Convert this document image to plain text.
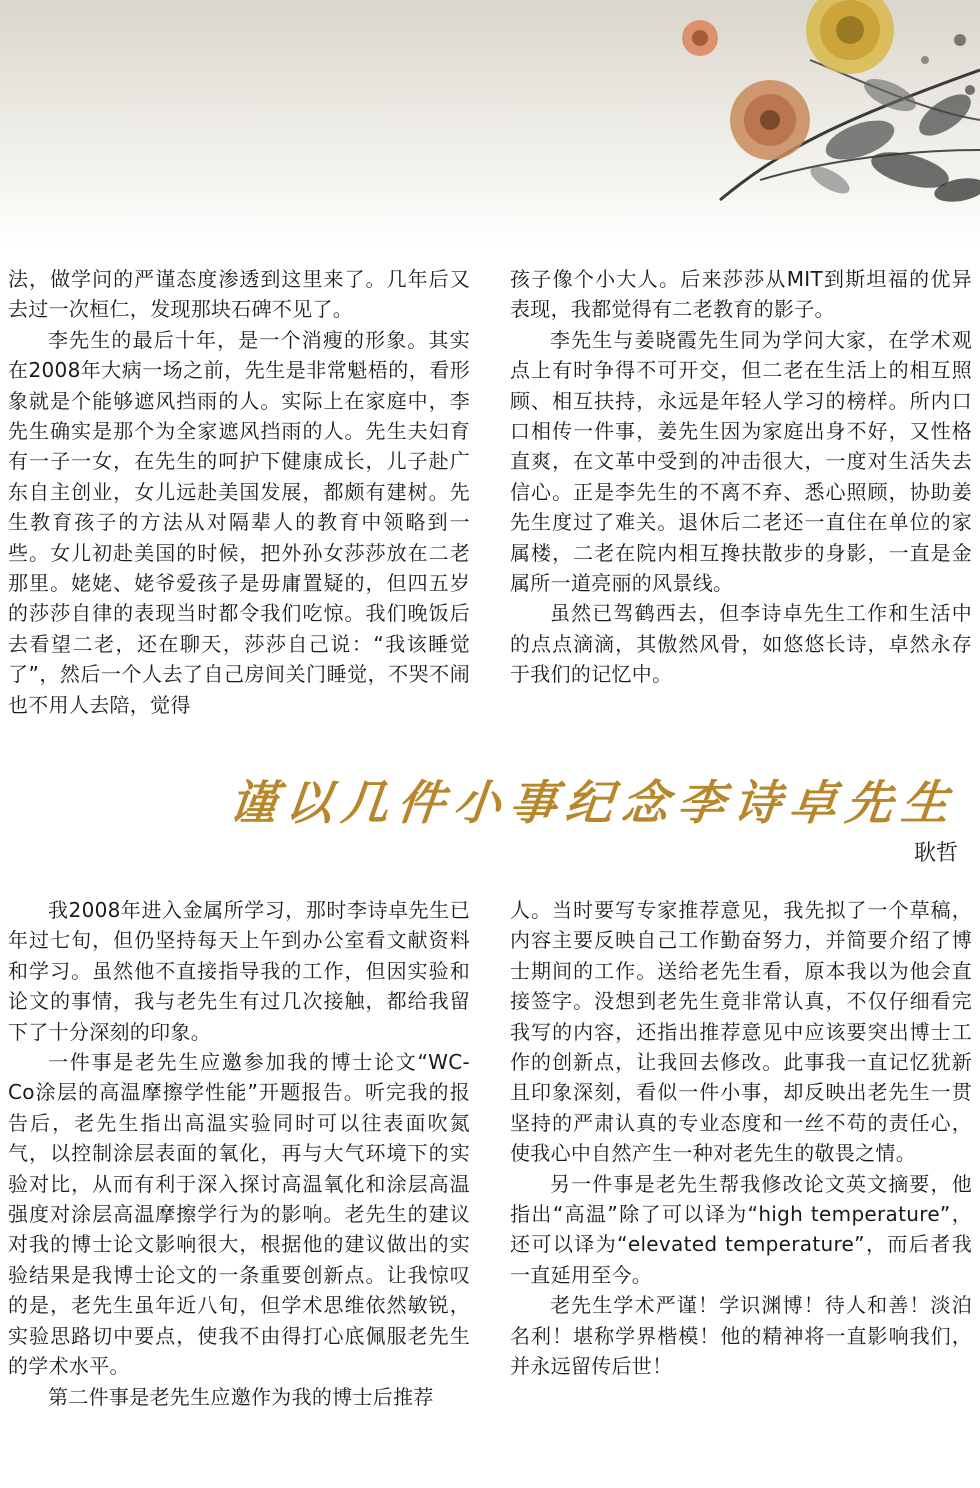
法，做学问的严谨态度渗透到这里来了。几年后又去过一次桓仁，发现那块石碑不见了。

李先生的最后十年，是一个消瘦的形象。其实在2008年大病一场之前，先生是非常魁梧的，看形象就是个能够遮风挡雨的人。实际上在家庭中，李先生确实是那个为全家遮风挡雨的人。先生夫妇育有一子一女，在先生的呵护下健康成长，儿子赴广东自主创业，女儿远赴美国发展，都颇有建树。先生教育孩子的方法从对隔辈人的教育中领略到一些。女儿初赴美国的时候，把外孙女莎莎放在二老那里。姥姥、姥爷爱孩子是毋庸置疑的，但四五岁的莎莎自律的表现当时都令我们吃惊。我们晚饭后去看望二老，还在聊天，莎莎自己说：“我该睡觉了”，然后一个人去了自己房间关门睡觉，不哭不闹也不用人去陪，觉得

孩子像个小大人。后来莎莎从MIT到斯坦福的优异表现，我都觉得有二老教育的影子。

李先生与姜晓霞先生同为学问大家，在学术观点上有时争得不可开交，但二老在生活上的相互照顾、相互扶持，永远是年轻人学习的榜样。所内口口相传一件事，姜先生因为家庭出身不好，又性格直爽，在文革中受到的冲击很大，一度对生活失去信心。正是李先生的不离不弃、悉心照顾，协助姜先生度过了难关。退休后二老还一直住在单位的家属楼，二老在院内相互搀扶散步的身影，一直是金属所一道亮丽的风景线。

虽然已驾鹤西去，但李诗卓先生工作和生活中的点点滴滴，其傲然风骨，如悠悠长诗，卓然永存于我们的记忆中。

谨以几件小事纪念李诗卓先生
耿哲

我2008年进入金属所学习，那时李诗卓先生已年过七旬，但仍坚持每天上午到办公室看文献资料和学习。虽然他不直接指导我的工作，但因实验和论文的事情，我与老先生有过几次接触，都给我留下了十分深刻的印象。

一件事是老先生应邀参加我的博士论文“WC-Co涂层的高温摩擦学性能”开题报告。听完我的报告后，老先生指出高温实验同时可以往表面吹氮气，以控制涂层表面的氧化，再与大气环境下的实验对比，从而有利于深入探讨高温氧化和涂层高温强度对涂层高温摩擦学行为的影响。老先生的建议对我的博士论文影响很大，根据他的建议做出的实验结果是我博士论文的一条重要创新点。让我惊叹的是，老先生虽年近八旬，但学术思维依然敏锐，实验思路切中要点，使我不由得打心底佩服老先生的学术水平。

第二件事是老先生应邀作为我的博士后推荐

人。当时要写专家推荐意见，我先拟了一个草稿，内容主要反映自己工作勤奋努力，并简要介绍了博士期间的工作。送给老先生看，原本我以为他会直接签字。没想到老先生竟非常认真，不仅仔细看完我写的内容，还指出推荐意见中应该要突出博士工作的创新点，让我回去修改。此事我一直记忆犹新且印象深刻，看似一件小事，却反映出老先生一贯坚持的严肃认真的专业态度和一丝不苟的责任心，使我心中自然产生一种对老先生的敬畏之情。

另一件事是老先生帮我修改论文英文摘要，他指出“高温”除了可以译为“high temperature”，还可以译为“elevated temperature”，而后者我一直延用至今。

老先生学术严谨！学识渊博！待人和善！淡泊名利！堪称学界楷模！他的精神将一直影响我们，并永远留传后世！
